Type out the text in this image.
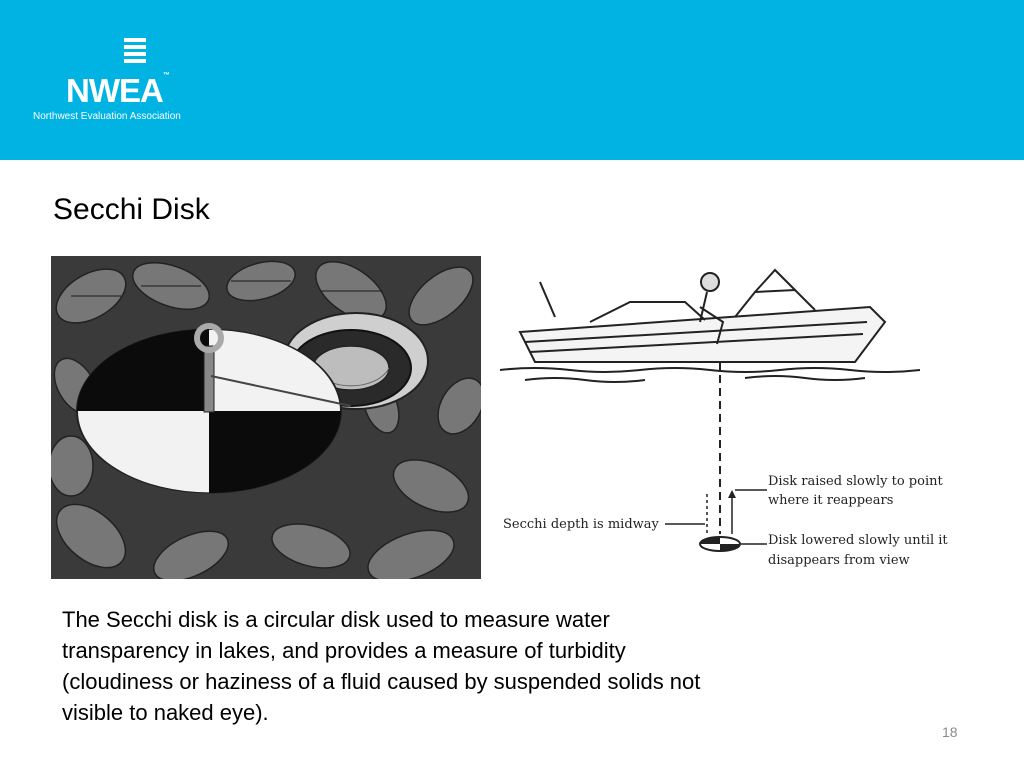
NWEA™
Northwest Evaluation Association
Secchi Disk
Disk raised slowly to point
where it reappears
Secchi depth is midway
Disk lowered slowly until it
disappears from view
The Secchi disk is a circular disk used to measure water transparency in lakes, and provides a measure of turbidity (cloudiness or haziness of a fluid caused by suspended solids not visible to naked eye).
18
